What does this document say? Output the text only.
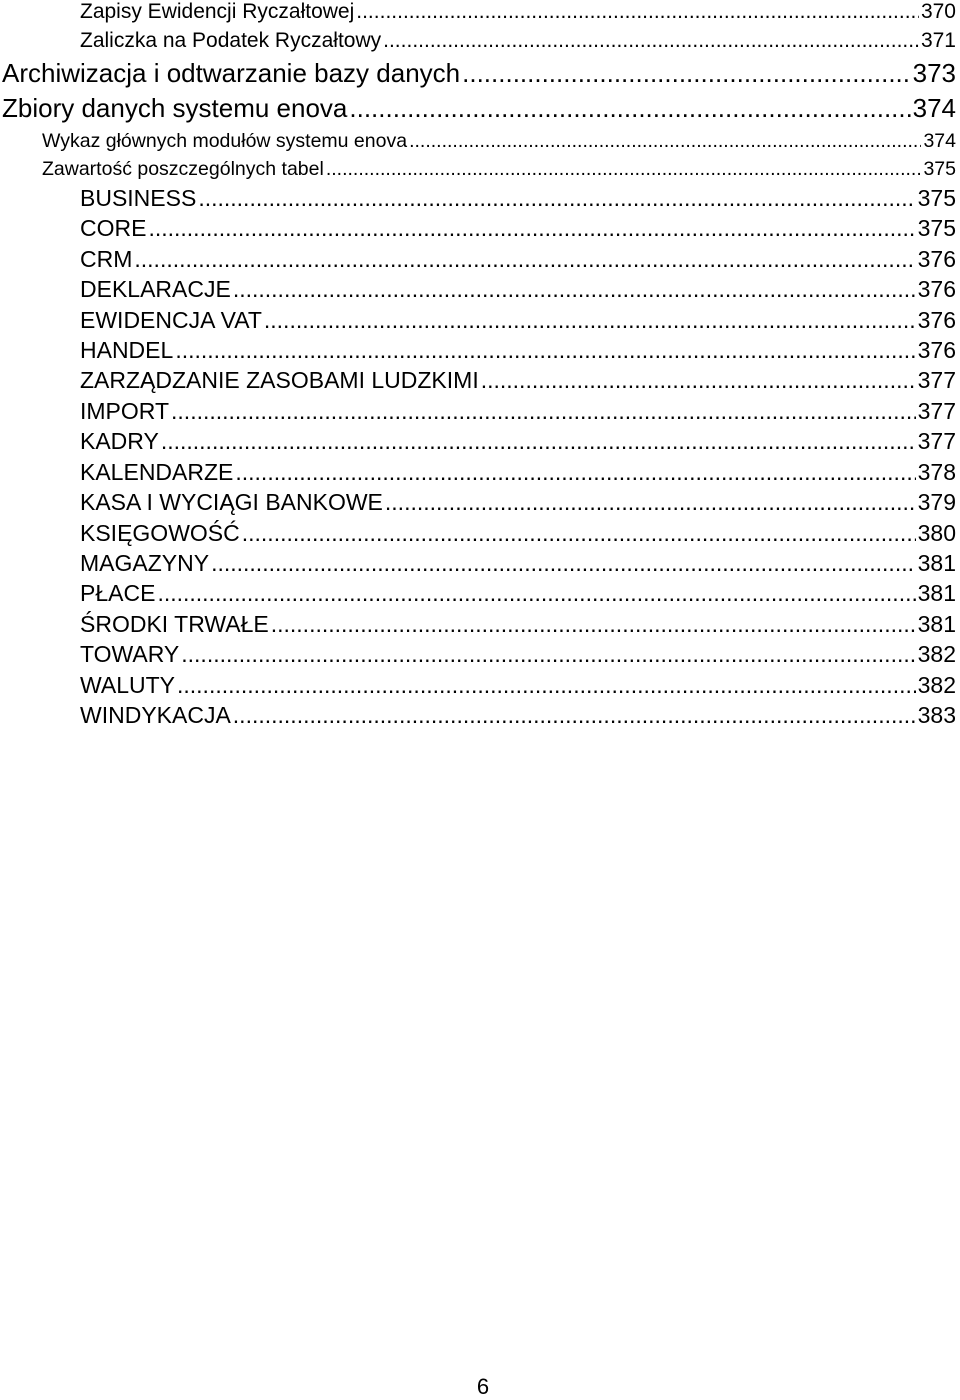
Zapisy Ewidencji Ryczałtowej .....	370
Zaliczka na Podatek Ryczałtowy .....	371
Archiwizacja i odtwarzanie bazy danych .....	373
Zbiory danych systemu enova .....	374
Wykaz głównych modułów systemu enova .....	374
Zawartość poszczególnych tabel .....	375
BUSINESS .....	375
CORE .....	375
CRM .....	376
DEKLARACJE .....	376
EWIDENCJA VAT .....	376
HANDEL .....	376
ZARZĄDZANIE ZASOBAMI LUDZKIMI .....	377
IMPORT .....	377
KADRY .....	377
KALENDARZE .....	378
KASA I WYCIĄGI BANKOWE .....	379
KSIĘGOWOŚĆ .....	380
MAGAZYNY .....	381
PŁACE .....	381
ŚRODKI TRWAŁE .....	381
TOWARY .....	382
WALUTY .....	382
WINDYKACJA .....	383
6
